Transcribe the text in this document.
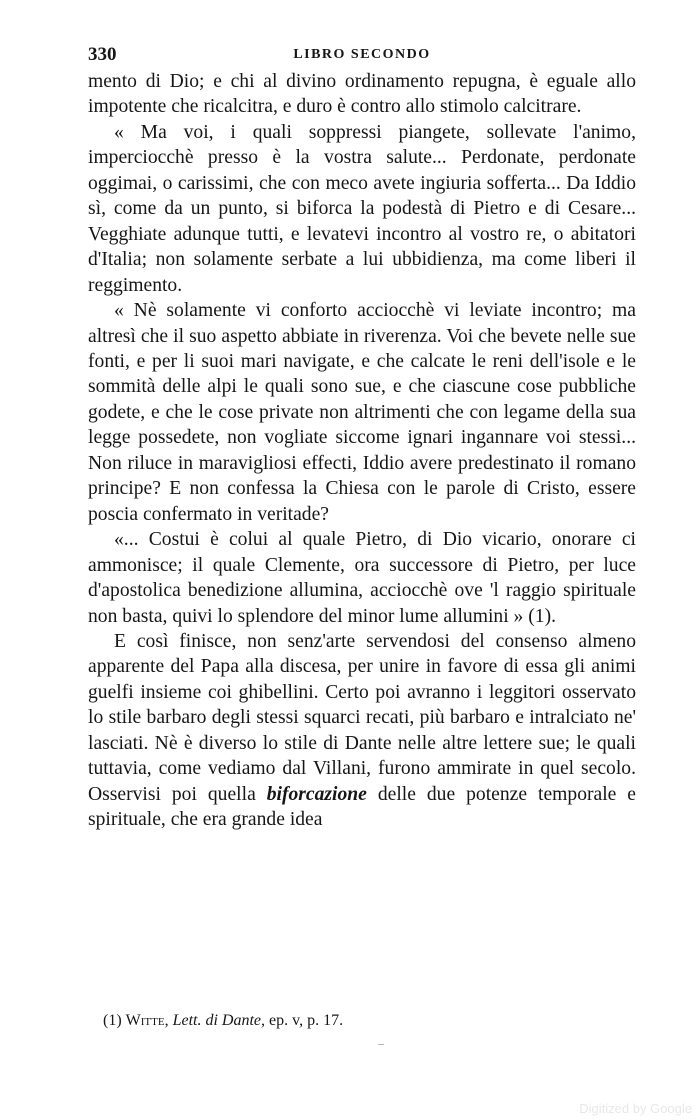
330	LIBRO SECONDO

mento di Dio; e chi al divino ordinamento repugna, è eguale allo impotente che ricalcitra, e duro è contro allo stimolo calcitrare.

« Ma voi, i quali soppressi piangete, sollevate l'animo, imperciocchè presso è la vostra salute... Perdonate, perdonate oggimai, o carissimi, che con meco avete ingiuria sofferta... Da Iddio sì, come da un punto, si biforca la podestà di Pietro e di Cesare... Vegghiate adunque tutti, e levatevi incontro al vostro re, o abitatori d'Italia; non solamente serbate a lui ubbidienza, ma come liberi il reggimento.

« Nè solamente vi conforto acciocchè vi leviate incontro; ma altresì che il suo aspetto abbiate in riverenza. Voi che bevete nelle sue fonti, e per li suoi mari navigate, e che calcate le reni dell'isole e le sommità delle alpi le quali sono sue, e che ciascune cose pubbliche godete, e che le cose private non altrimenti che con legame della sua legge possedete, non vogliate siccome ignari ingannare voi stessi... Non riluce in maravigliosi effecti, Iddio avere predestinato il romano principe? E non confessa la Chiesa con le parole di Cristo, essere poscia confermato in veritade?

«... Costui è colui al quale Pietro, di Dio vicario, onorare ci ammonisce; il quale Clemente, ora successore di Pietro, per luce d'apostolica benedizione allumina, acciocchè ove 'l raggio spirituale non basta, quivi lo splendore del minor lume allumini » (1).

E così finisce, non senz'arte servendosi del consenso almeno apparente del Papa alla discesa, per unire in favore di essa gli animi guelfi insieme coi ghibellini. Certo poi avranno i leggitori osservato lo stile barbaro degli stessi squarci recati, più barbaro e intralciato ne' lasciati. Nè è diverso lo stile di Dante nelle altre lettere sue; le quali tuttavia, come vediamo dal Villani, furono ammirate in quel secolo. Osservisi poi quella biforcazione delle due potenze temporale e spirituale, che era grande idea

(1) Witte, Lett. di Dante, ep. v, p. 17.
Digitized by Google
